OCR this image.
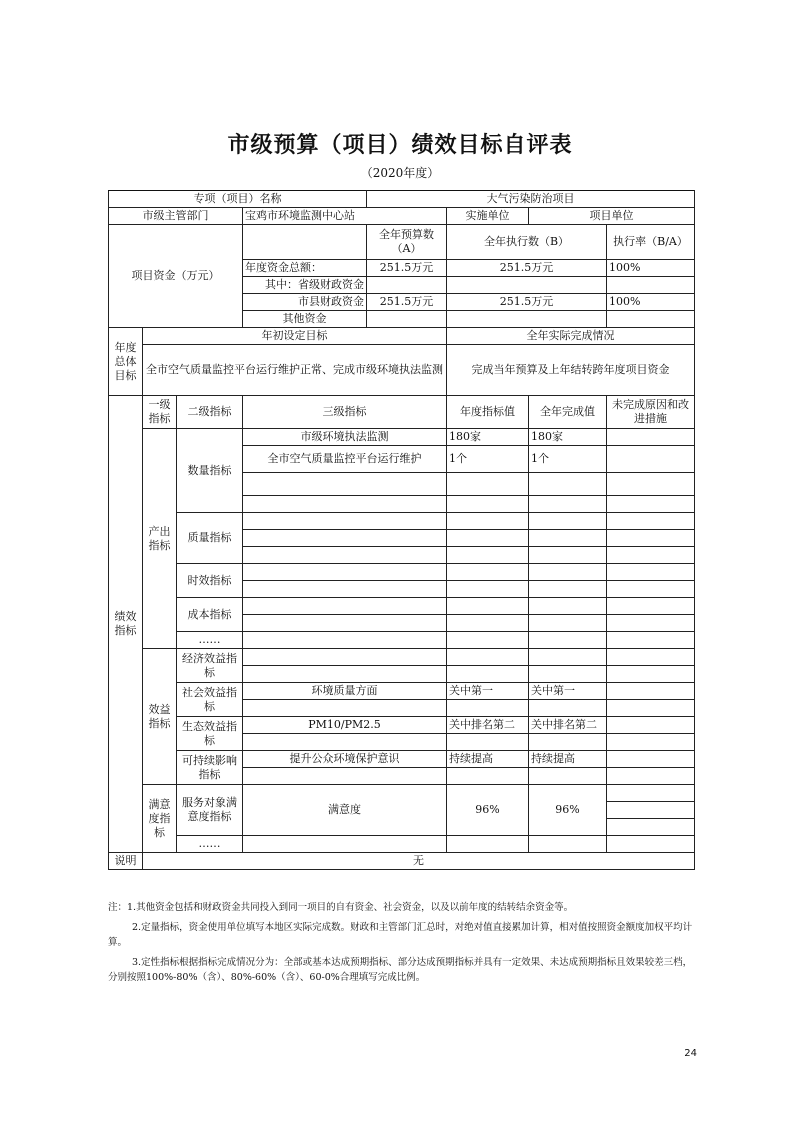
市级预算（项目）绩效目标自评表
（2020年度）
专项（项目）名称				大气污染防治项目			
市级主管部门			宝鸡市环境监测中心站		实施单位	项目单位	
项目资金（万元）				全年预算数（A）	全年执行数（B）		执行率（B/A）
			年度资金总额：	251.5万元	251.5万元		100%
			其中：省级财政资金				
			市县财政资金	251.5万元	251.5万元		100%
			其他资金				
年度总体目标	年初设定目标				全年实际完成情况		
	全市空气质量监控平台运行维护正常、完成市级环境执法监测				完成当年预算及上年结转跨年度项目资金		
绩效指标	一级指标	二级指标	三级指标		年度指标值	全年完成值	未完成原因和改进措施
	产出指标	数量指标	市级环境执法监测		180家	180家	
			全市空气质量监控平台运行维护		1个	1个	

		质量指标					

		时效指标					

		成本指标					

		……					
	效益指标	经济效益指标					

		社会效益指标	环境质量方面		关中第一	关中第一	

		生态效益指标	PM10/PM2.5		关中排名第二	关中排名第二	

		可持续影响指标	提升公众环境保护意识		持续提高	持续提高	

	满意度指标	服务对象满意度指标	满意度		96%	96%	

		……					
说明	无						

注：1.其他资金包括和财政资金共同投入到同一项目的自有资金、社会资金，以及以前年度的结转结余资金等。

2.定量指标，资金使用单位填写本地区实际完成数。财政和主管部门汇总时，对绝对值直接累加计算，相对值按照资金额度加权平均计算。

3.定性指标根据指标完成情况分为：全部或基本达成预期指标、部分达成预期指标并具有一定效果、未达成预期指标且效果较差三档，分别按照100%-80%（含）、80%-60%（含）、60-0%合理填写完成比例。

24
